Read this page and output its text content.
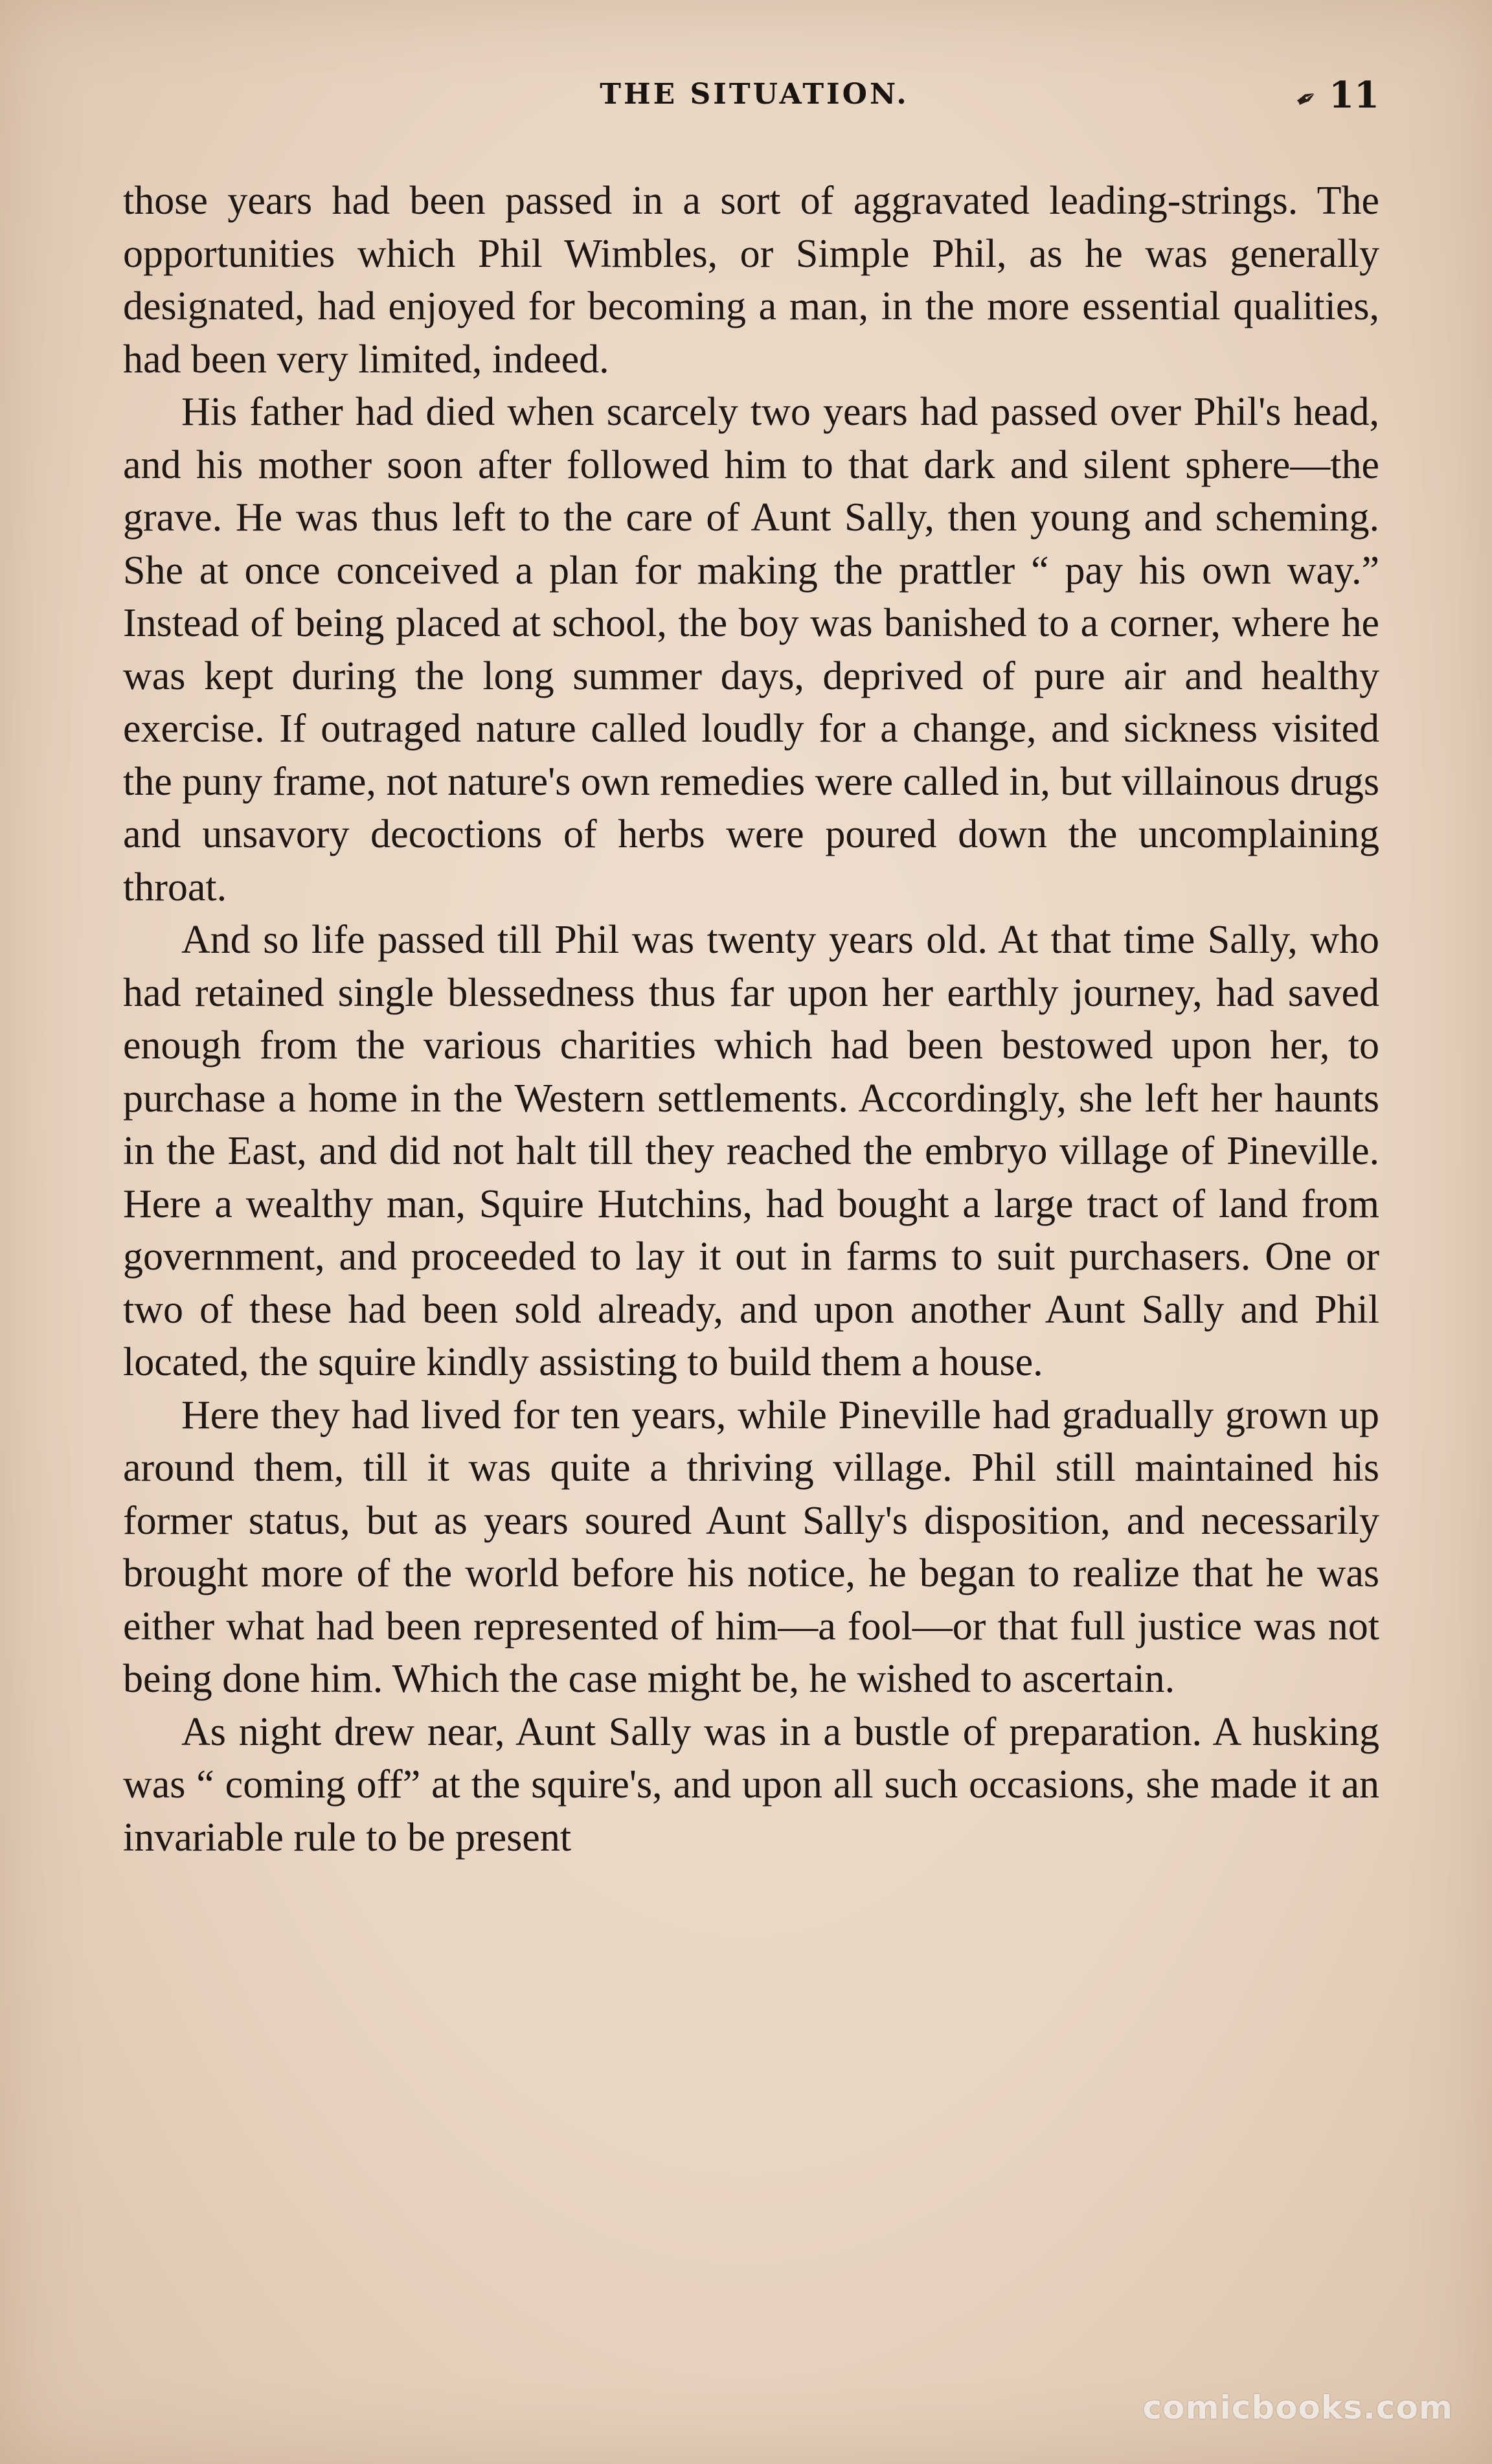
THE SITUATION.	✒ 11

those years had been passed in a sort of aggravated leading-strings. The opportunities which Phil Wimbles, or Simple Phil, as he was generally designated, had enjoyed for becoming a man, in the more essential qualities, had been very limited, indeed.

His father had died when scarcely two years had passed over Phil's head, and his mother soon after followed him to that dark and silent sphere—the grave. He was thus left to the care of Aunt Sally, then young and scheming. She at once conceived a plan for making the prattler “ pay his own way.” Instead of being placed at school, the boy was banished to a corner, where he was kept during the long summer days, deprived of pure air and healthy exercise. If outraged nature called loudly for a change, and sickness visited the puny frame, not nature's own remedies were called in, but villainous drugs and unsavory decoctions of herbs were poured down the uncomplaining throat.

And so life passed till Phil was twenty years old. At that time Sally, who had retained single blessedness thus far upon her earthly journey, had saved enough from the various charities which had been bestowed upon her, to purchase a home in the Western settlements. Accordingly, she left her haunts in the East, and did not halt till they reached the embryo village of Pineville. Here a wealthy man, Squire Hutchins, had bought a large tract of land from government, and proceeded to lay it out in farms to suit purchasers. One or two of these had been sold already, and upon another Aunt Sally and Phil located, the squire kindly assisting to build them a house.

Here they had lived for ten years, while Pineville had gradually grown up around them, till it was quite a thriving village. Phil still maintained his former status, but as years soured Aunt Sally's disposition, and necessarily brought more of the world before his notice, he began to realize that he was either what had been represented of him—a fool—or that full justice was not being done him. Which the case might be, he wished to ascertain.

As night drew near, Aunt Sally was in a bustle of preparation. A husking was “ coming off” at the squire's, and upon all such occasions, she made it an invariable rule to be present

comicbooks.com
